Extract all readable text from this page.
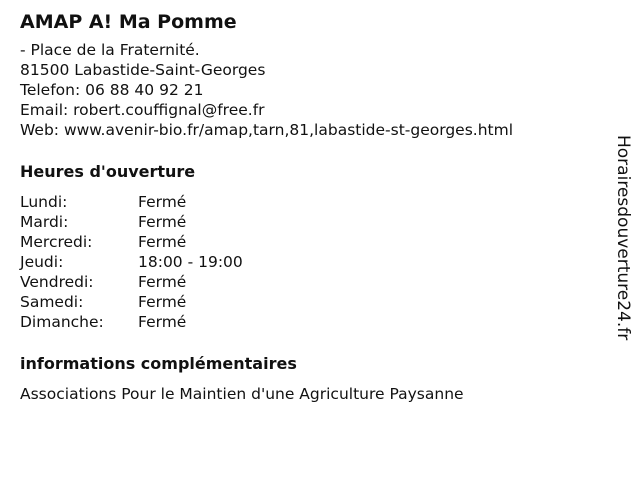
AMAP A! Ma Pomme
- Place de la Fraternité.
81500 Labastide-Saint-Georges
Telefon: 06 88 40 92 21
Email: robert.couffignal@free.fr
Web: www.avenir-bio.fr/amap,tarn,81,labastide-st-georges.html
Heures d'ouverture
Lundi:	Fermé
Mardi:	Fermé
Mercredi:	Fermé
Jeudi:	18:00 - 19:00
Vendredi:	Fermé
Samedi:	Fermé
Dimanche:	Fermé
informations complémentaires
Associations Pour le Maintien d'une Agriculture Paysanne
Horairesdouverture24.fr
